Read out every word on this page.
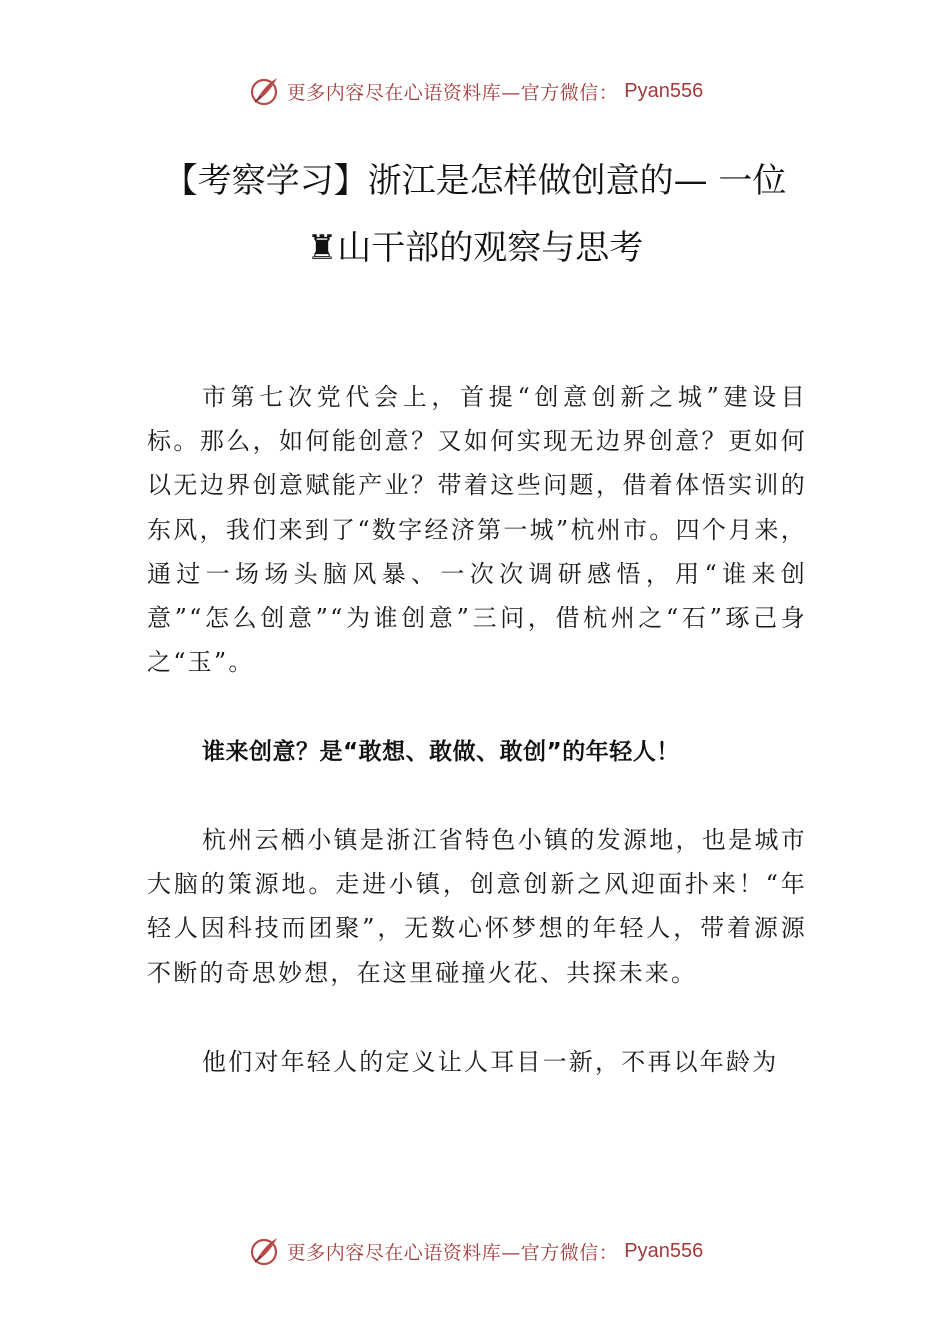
更多内容尽在心语资料库—官方微信： Pyan556
【考察学习】浙江是怎样做创意的— 一位
♜山干部的观察与思考

市第七次党代会上，首提“创意创新之城”建设目标。那么，如何能创意？又如何实现无边界创意？更如何以无边界创意赋能产业？带着这些问题，借着体悟实训的东风，我们来到了“数字经济第一城”杭州市。四个月来，通过一场场头脑风暴、一次次调研感悟，用“谁来创意”“怎么创意”“为谁创意”三问，借杭州之“石”琢己身之“玉”。

谁来创意？是“敢想、敢做、敢创”的年轻人！

杭州云栖小镇是浙江省特色小镇的发源地，也是城市大脑的策源地。走进小镇，创意创新之风迎面扑来！“年轻人因科技而团聚”，无数心怀梦想的年轻人，带着源源不断的奇思妙想，在这里碰撞火花、共探未来。

他们对年轻人的定义让人耳目一新，不再以年龄为

更多内容尽在心语资料库—官方微信： Pyan556
